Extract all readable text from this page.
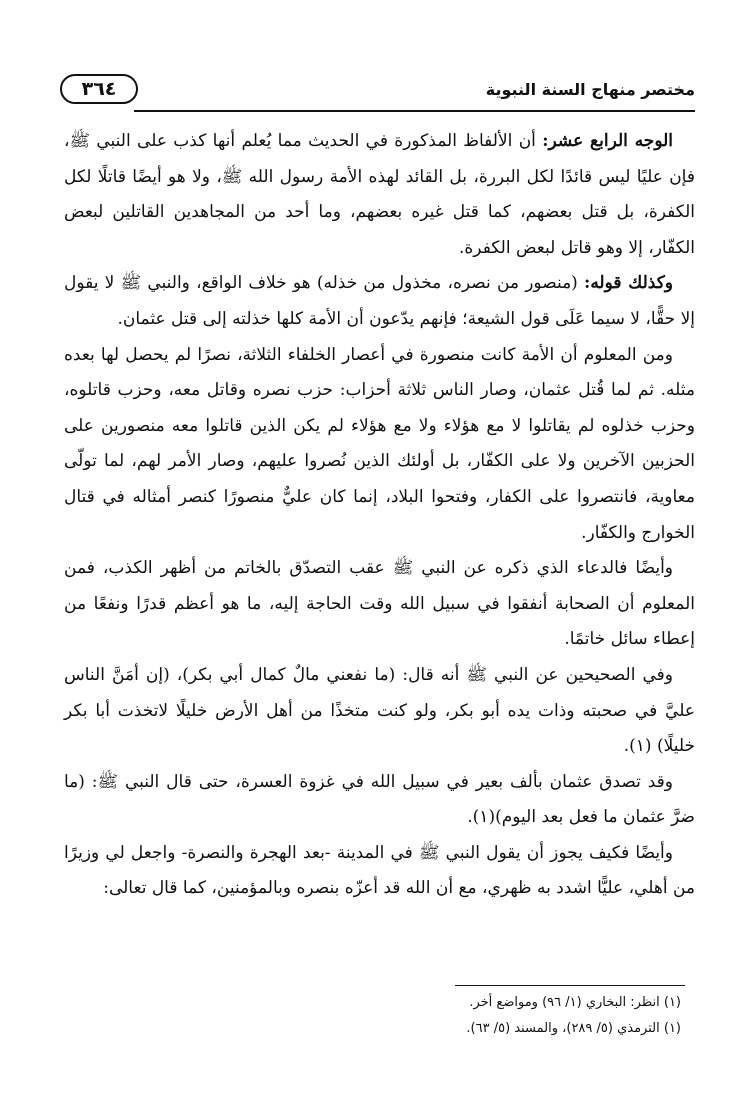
مختصر منهاج السنة النبوية
٣٦٤

الوجه الرابع عشر: أن الألفاظ المذكورة في الحديث مما يُعلم أنها كذب على النبي ﷺ، فإن عليًا ليس قائدًا لكل البررة، بل القائد لهذه الأمة رسول الله ﷺ، ولا هو أيضًا قاتلًا لكل الكفرة، بل قتل بعضهم، كما قتل غيره بعضهم، وما أحد من المجاهدين القاتلين لبعض الكفّار، إلا وهو قاتل لبعض الكفرة.

وكذلك قوله: (منصور من نصره، مخذول من خذله) هو خلاف الواقع، والنبي ﷺ لا يقول إلا حقًّا، لا سيما عَلَى قول الشيعة؛ فإنهم يدّعون أن الأمة كلها خذلته إلى قتل عثمان.

ومن المعلوم أن الأمة كانت منصورة في أعصار الخلفاء الثلاثة، نصرًا لم يحصل لها بعده مثله. ثم لما قُتل عثمان، وصار الناس ثلاثة أحزاب: حزب نصره وقاتل معه، وحزب قاتلوه، وحزب خذلوه لم يقاتلوا لا مع هؤلاء ولا مع هؤلاء لم يكن الذين قاتلوا معه منصورين على الحزبين الآخرين ولا على الكفّار، بل أولئك الذين نُصروا عليهم، وصار الأمر لهم، لما تولّى معاوية، فانتصروا على الكفار، وفتحوا البلاد، إنما كان عليٌّ منصورًا كنصر أمثاله في قتال الخوارج والكفّار.

وأيضًا فالدعاء الذي ذكره عن النبي ﷺ عقب التصدّق بالخاتم من أظهر الكذب، فمن المعلوم أن الصحابة أنفقوا في سبيل الله وقت الحاجة إليه، ما هو أعظم قدرًا ونفعًا من إعطاء سائل خاتمًا.

وفي الصحيحين عن النبي ﷺ أنه قال: (ما نفعني مالٌ كمال أبي بكر)، (إن أمَنَّ الناس عليَّ في صحبته وذات يده أبو بكر، ولو كنت متخذًا من أهل الأرض خليلًا لاتخذت أبا بكر خليلًا) (١).

وقد تصدق عثمان بألف بعير في سبيل الله في غزوة العسرة، حتى قال النبي ﷺ: (ما ضرَّ عثمان ما فعل بعد اليوم)(١).

وأيضًا فكيف يجوز أن يقول النبي ﷺ في المدينة -بعد الهجرة والنصرة- واجعل لي وزيرًا من أهلي، عليًّا اشدد به ظهري، مع أن الله قد أعزّه بنصره وبالمؤمنين، كما قال تعالى:

(١) انظر: البخاري (١/ ٩٦) ومواضع أخر.
(١) الترمذي (٥/ ٢٨٩)، والمسند (٥/ ٦٣).
